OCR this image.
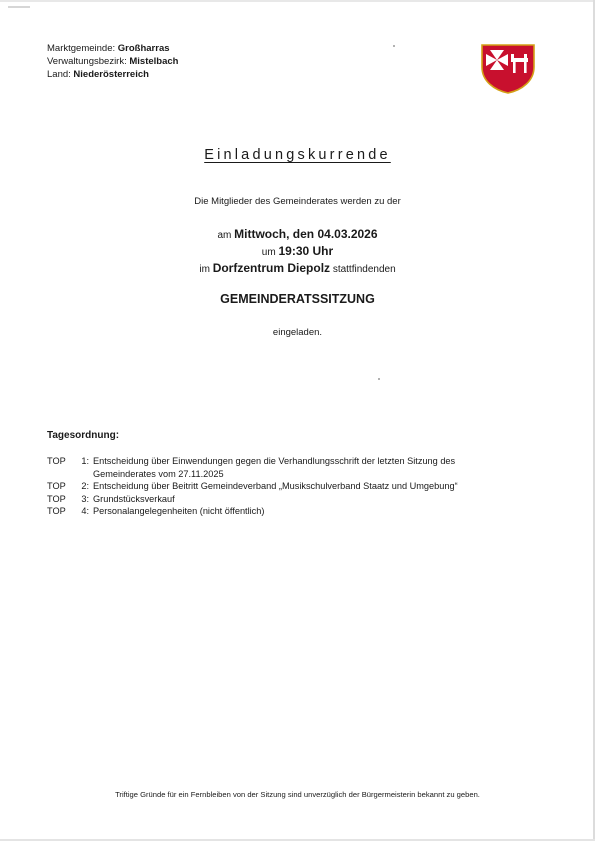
Marktgemeinde: Großharras
Verwaltungsbezirk: Mistelbach
Land: Niederösterreich
Einladungskurrende
Die Mitglieder des Gemeinderates werden zu der
am Mittwoch, den 04.03.2026
um 19:30 Uhr
im Dorfzentrum Diepolz stattfindenden
GEMEINDERATSSITZUNG
eingeladen.
Tagesordnung:
TOP	1: Entscheidung über Einwendungen gegen die Verhandlungsschrift der letzten Sitzung des
Gemeinderates vom 27.11.2025
TOP	2: Entscheidung über Beitritt Gemeindeverband „Musikschulverband Staatz und Umgebung“
TOP	3: Grundstücksverkauf
TOP	4: Personalangelegenheiten (nicht öffentlich)
Triftige Gründe für ein Fernbleiben von der Sitzung sind unverzüglich der Bürgermeisterin bekannt zu geben.
